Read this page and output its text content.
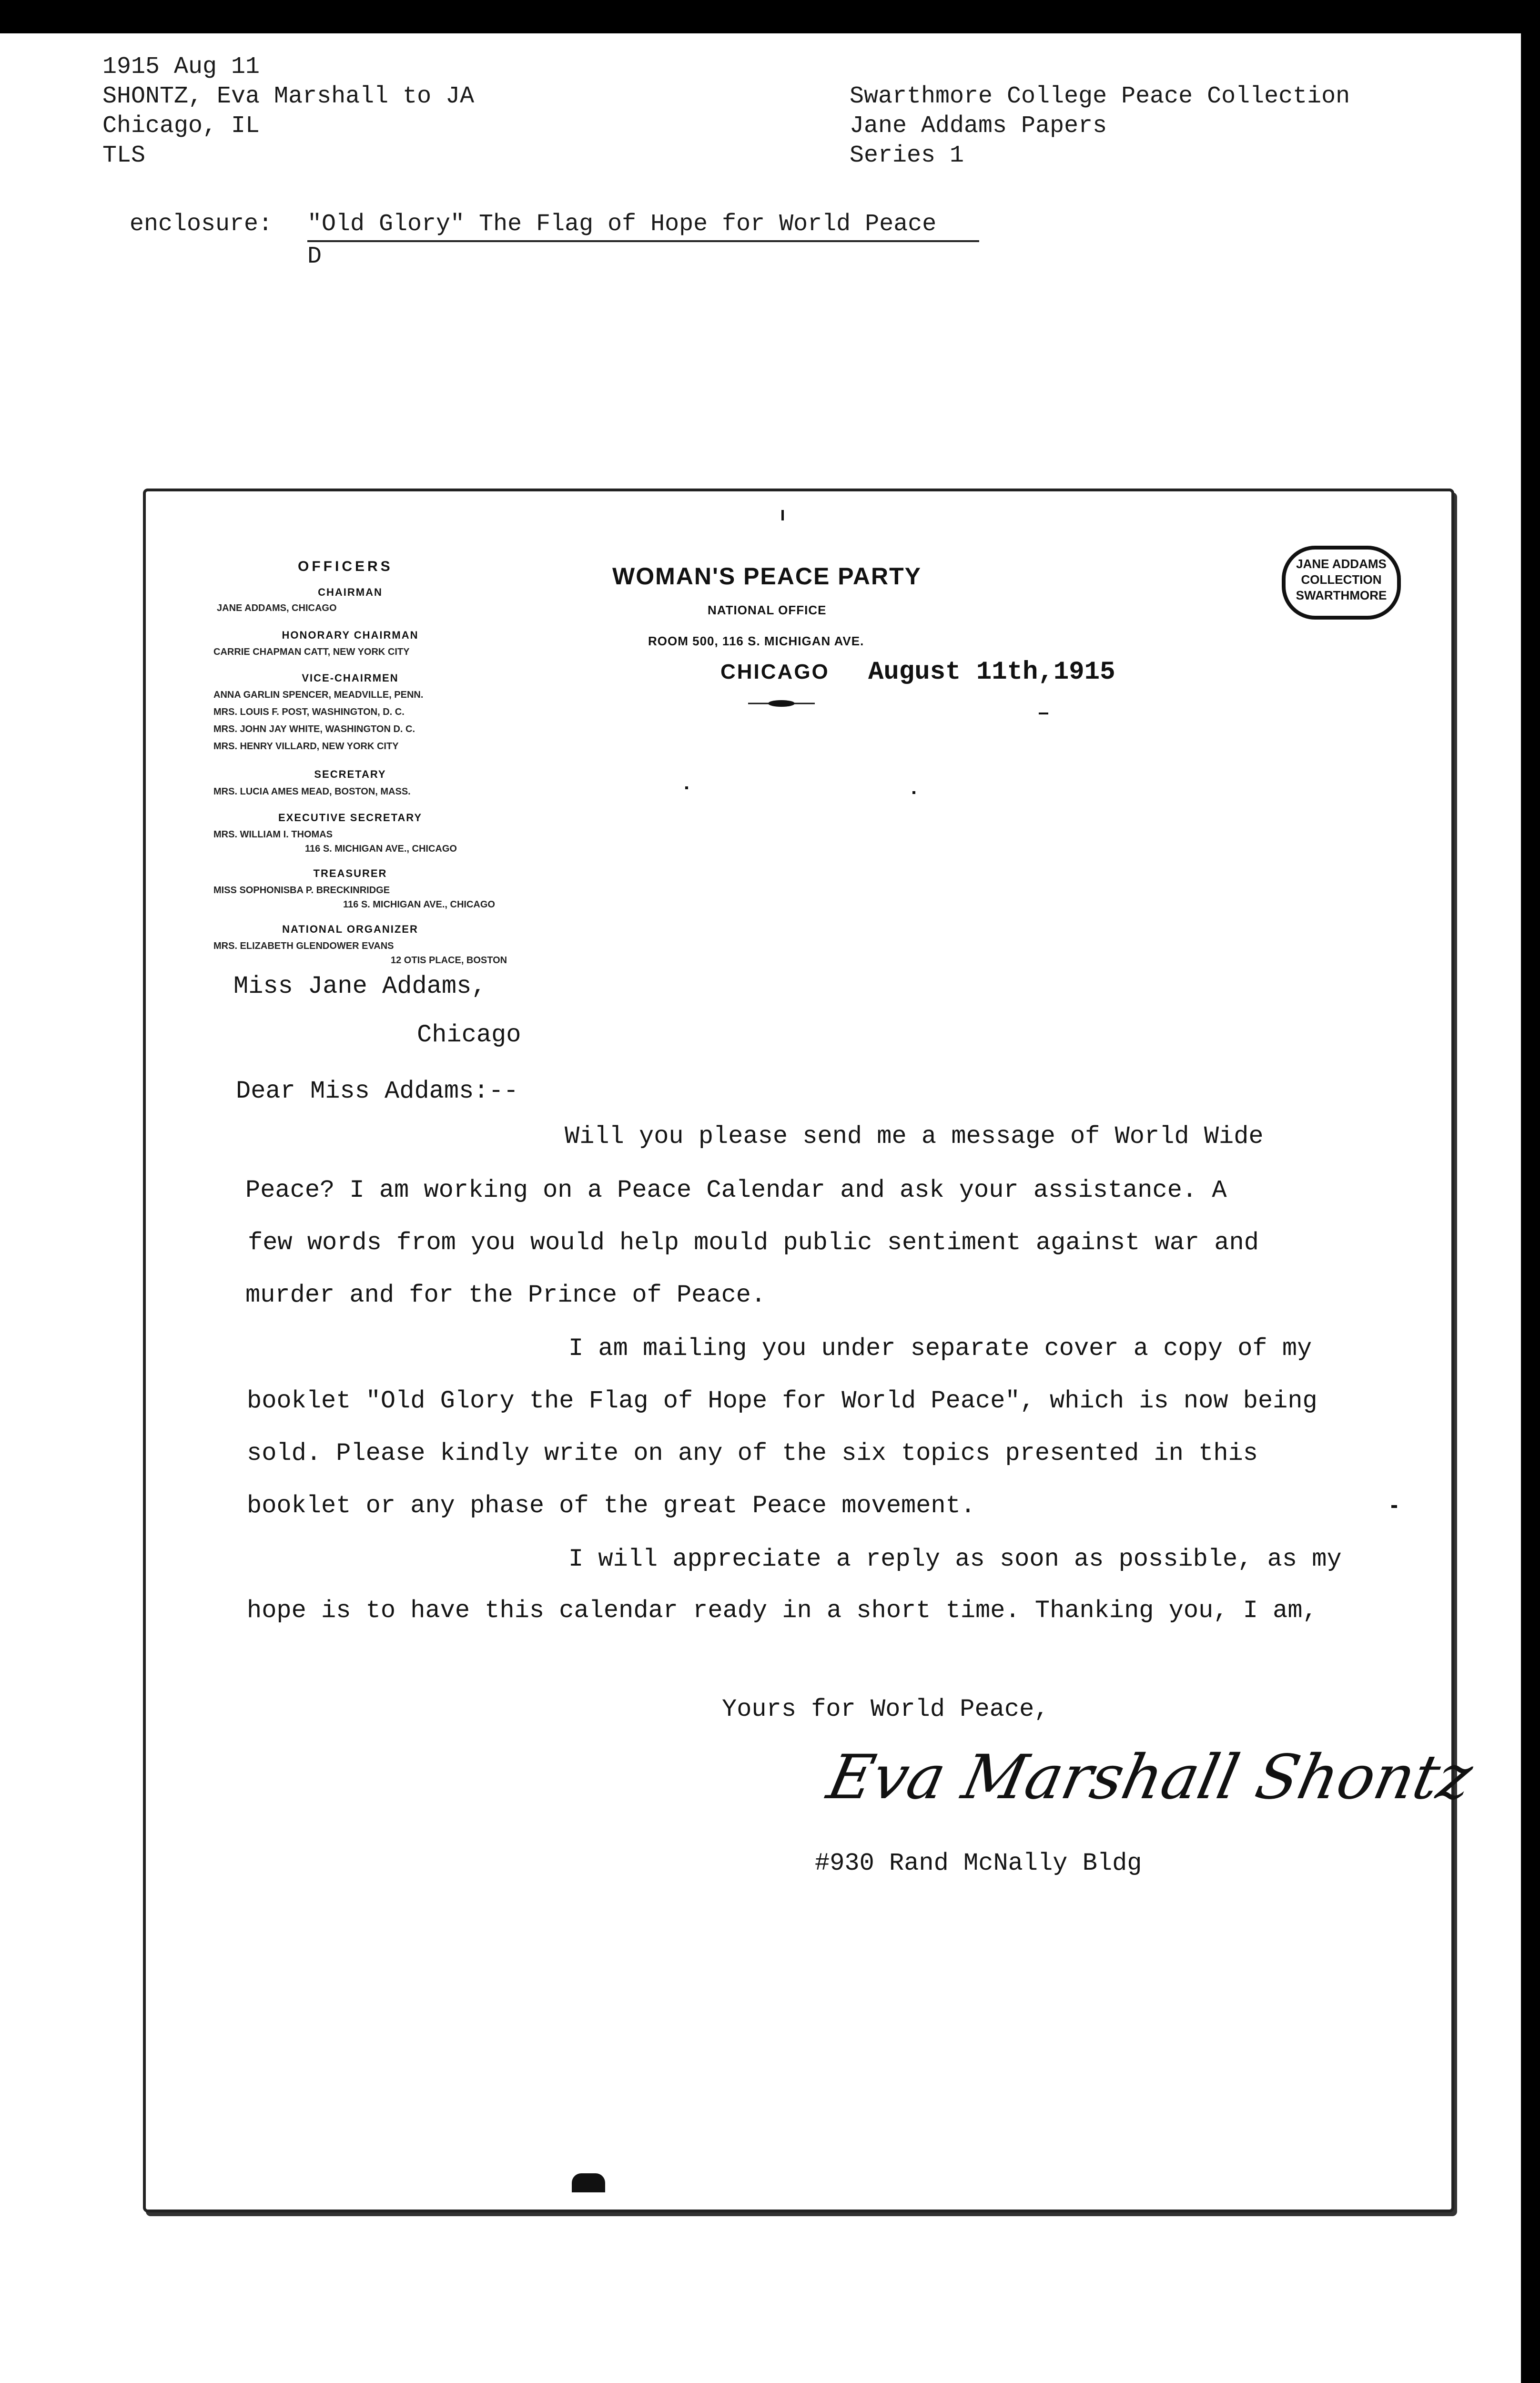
1915 Aug 11
SHONTZ, Eva Marshall to JA
Chicago, IL
TLS
Swarthmore College Peace Collection
Jane Addams Papers
Series 1
enclosure: "Old Glory" The Flag of Hope for World Peace
D
WOMAN'S PEACE PARTY
NATIONAL OFFICE
ROOM 500, 116 S. MICHIGAN AVE.
CHICAGO August 11th,1915
JANE ADDAMS
COLLECTION
SWARTHMORE
OFFICERS
CHAIRMAN
JANE ADDAMS, CHICAGO
HONORARY CHAIRMAN
CARRIE CHAPMAN CATT, NEW YORK CITY
VICE-CHAIRMEN
ANNA GARLIN SPENCER, MEADVILLE, PENN.
MRS. LOUIS F. POST, WASHINGTON, D. C.
MRS. JOHN JAY WHITE, WASHINGTON D. C.
MRS. HENRY VILLARD, NEW YORK CITY
SECRETARY
MRS. LUCIA AMES MEAD, BOSTON, MASS.
EXECUTIVE SECRETARY
MRS. WILLIAM I. THOMAS
116 S. MICHIGAN AVE., CHICAGO
TREASURER
MISS SOPHONISBA P. BRECKINRIDGE
116 S. MICHIGAN AVE., CHICAGO
NATIONAL ORGANIZER
MRS. ELIZABETH GLENDOWER EVANS
12 OTIS PLACE, BOSTON
Miss Jane Addams,
Chicago
Dear Miss Addams:--
Will you please send me a message of World Wide
Peace? I am working on a Peace Calendar and ask your assistance. A
few words from you would help mould public sentiment against war and
murder and for the Prince of Peace.
I am mailing you under separate cover a copy of my
booklet "Old Glory the Flag of Hope for World Peace", which is now being
sold. Please kindly write on any of the six topics presented in this
booklet or any phase of the great Peace movement.
I will appreciate a reply as soon as possible, as my
hope is to have this calendar ready in a short time. Thanking you, I am,
Yours for World Peace,
Eva Marshall Shontz
#930 Rand McNally Bldg
